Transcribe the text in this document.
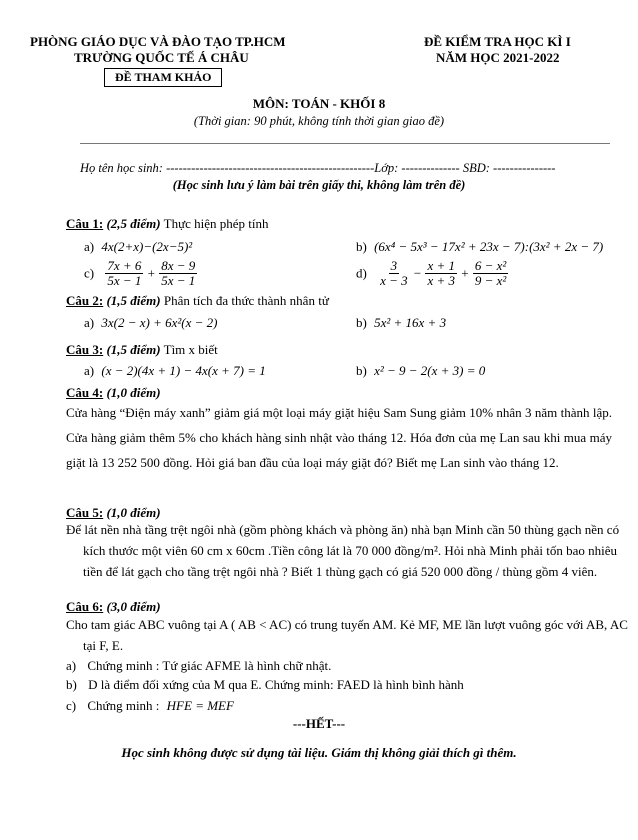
PHÒNG GIÁO DỤC VÀ ĐÀO TẠO TP.HCM
TRƯỜNG QUỐC TẾ Á CHÂU
ĐỀ THAM KHẢO
ĐỀ KIỂM TRA HỌC KÌ I
NĂM HỌC 2021-2022
MÔN: TOÁN - KHỐI 8
(Thời gian: 90 phút, không tính thời gian giao đề)
Họ tên học sinh: --------------------------------------------------Lớp: -------------- SBD: ---------------
(Học sinh lưu ý làm bài trên giấy thi, không làm trên đề)
Câu 1: (2,5 điểm) Thực hiện phép tính
a) 4x(2+x)−(2x−5)²	b) (6x⁴ − 5x³ − 17x² + 23x − 7):(3x² + 2x − 7)
$c) \frac{7x + 6}{5x - 1} + \frac{8x - 9}{5x - 1}$	$d) \frac{3}{x - 3} - \frac{x + 1}{x + 3} + \frac{\text{6 − x²}}{\text{9 − x²}}$
Câu 2: (1,5 điểm) Phân tích đa thức thành nhân tử
a) 3x(2 − x) + 6x²(x − 2)	b) 5x² + 16x + 3
Câu 3: (1,5 điểm) Tìm x biết
a) (x − 2)(4x + 1) − 4x(x + 7) = 1	b) x² − 9 − 2(x + 3) = 0
Câu 4: (1,0 điểm)
Cửa hàng “Điện máy xanh” giảm giá một loại máy giặt hiệu Sam Sung giảm 10% nhân 3 năm thành lập. Cửa hàng giảm thêm 5% cho khách hàng sinh nhật vào tháng 12. Hóa đơn của mẹ Lan sau khi mua máy giặt là 13 252 500 đồng. Hỏi giá ban đầu của loại máy giặt đó? Biết mẹ Lan sinh vào tháng 12.
Câu 5: (1,0 điểm)
Để lát nền nhà tầng trệt ngôi nhà (gồm phòng khách và phòng ăn) nhà bạn Minh cần 50 thùng gạch nền có kích thước một viên 60 cm x 60cm .Tiền công lát là 70 000 đồng/m². Hỏi nhà Minh phải tốn bao nhiêu tiền để lát gạch cho tầng trệt ngôi nhà ? Biết 1 thùng gạch có giá 520 000 đồng / thùng gồm 4 viên.
Câu 6: (3,0 điểm)
Cho tam giác ABC vuông tại A ( AB < AC) có trung tuyến AM. Kẻ MF, ME lần lượt vuông góc với AB, AC tại F, E.
a) Chứng minh : Tứ giác AFME là hình chữ nhật.
b) D là điểm đối xứng của M qua E. Chứng minh: FAED là hình bình hành
c) Chứng minh : HFE = MEF
---HẾT---
Học sinh không được sử dụng tài liệu. Giám thị không giải thích gì thêm.
